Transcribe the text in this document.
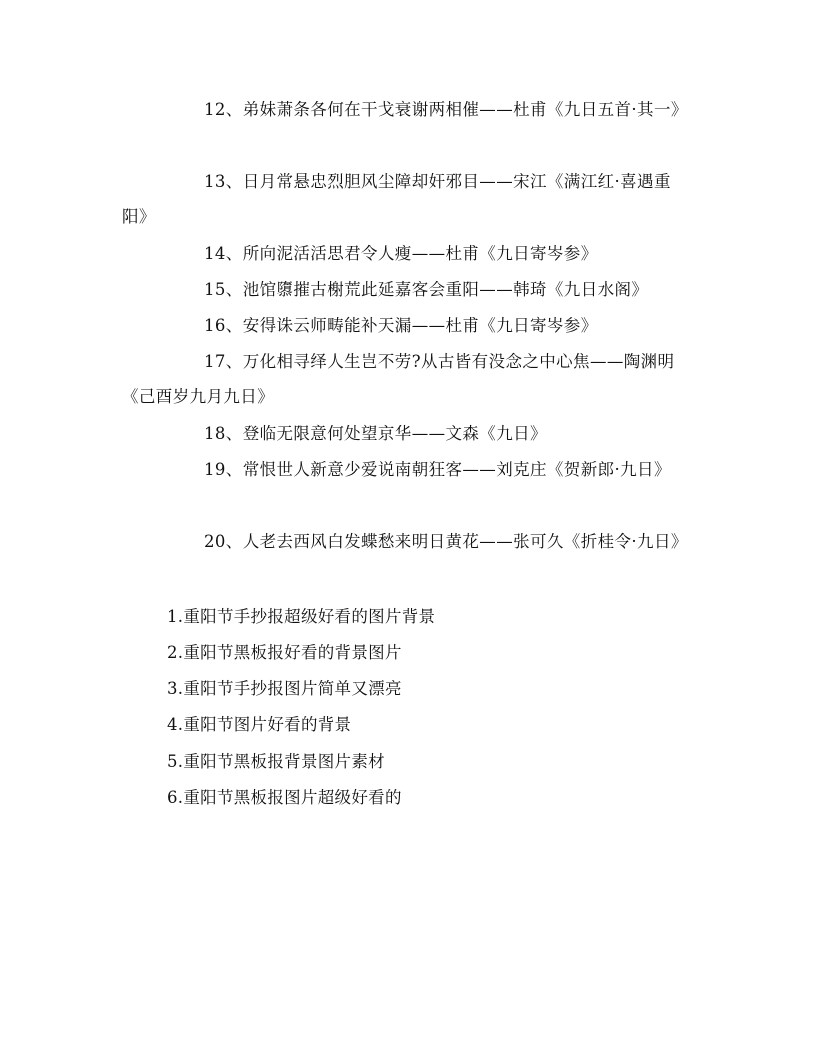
12、弟妹萧条各何在干戈衰谢两相催——杜甫《九日五首·其一》

13、日月常悬忠烈胆风尘障却奸邪目——宋江《满江红·喜遇重阳》

14、所向泥活活思君令人瘦——杜甫《九日寄岑参》

15、池馆隳摧古榭荒此延嘉客会重阳——韩琦《九日水阁》

16、安得诛云师畴能补天漏——杜甫《九日寄岑参》

17、万化相寻绎人生岂不劳?从古皆有没念之中心焦——陶渊明《己酉岁九月九日》

18、登临无限意何处望京华——文森《九日》

19、常恨世人新意少爱说南朝狂客——刘克庄《贺新郎·九日》

20、人老去西风白发蝶愁来明日黄花——张可久《折桂令·九日》

1.重阳节手抄报超级好看的图片背景

2.重阳节黑板报好看的背景图片

3.重阳节手抄报图片简单又漂亮

4.重阳节图片好看的背景

5.重阳节黑板报背景图片素材

6.重阳节黑板报图片超级好看的
